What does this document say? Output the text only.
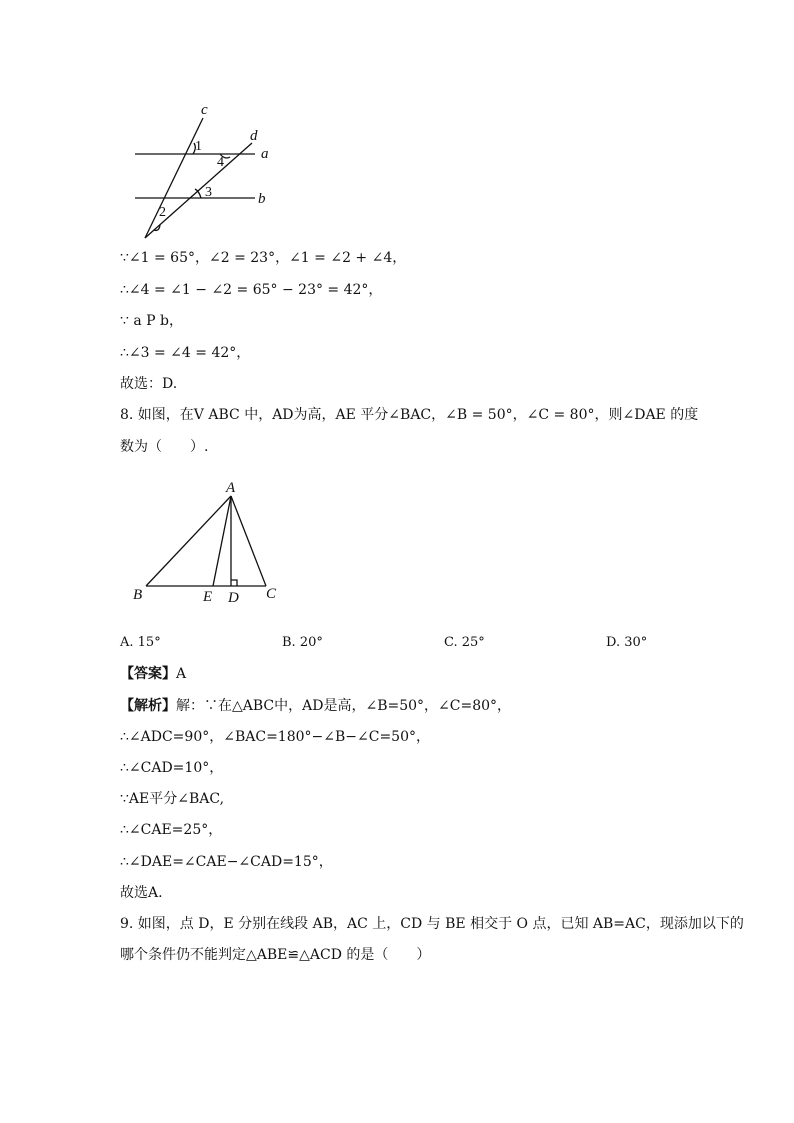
c
d
a
b
1
4
3
2
∵∠1 = 65°，∠2 = 23°，∠1 = ∠2 + ∠4，
∴∠4 = ∠1 − ∠2 = 65° − 23° = 42°，
∵ a P b，
∴∠3 = ∠4 = 42°，
故选：D.
8. 如图，在V ABC 中，AD为高，AE 平分∠BAC，∠B = 50°，∠C = 80°，则∠DAE 的度
数为（　　）.
A
B	E D C
A. 15°	B. 20°	C. 25°	D. 30°
【答案】A
【解析】解：∵在△ABC中，AD是高，∠B=50°，∠C=80°，
∴∠ADC=90°，∠BAC=180°−∠B−∠C=50°，
∴∠CAD=10°，
∵AE平分∠BAC,
∴∠CAE=25°，
∴∠DAE=∠CAE−∠CAD=15°，
故选A.
9. 如图，点 D，E 分别在线段 AB，AC 上，CD 与 BE 相交于 O 点，已知 AB=AC，现添加以下的
哪个条件仍不能判定△ABE≌△ACD 的是（　　）
